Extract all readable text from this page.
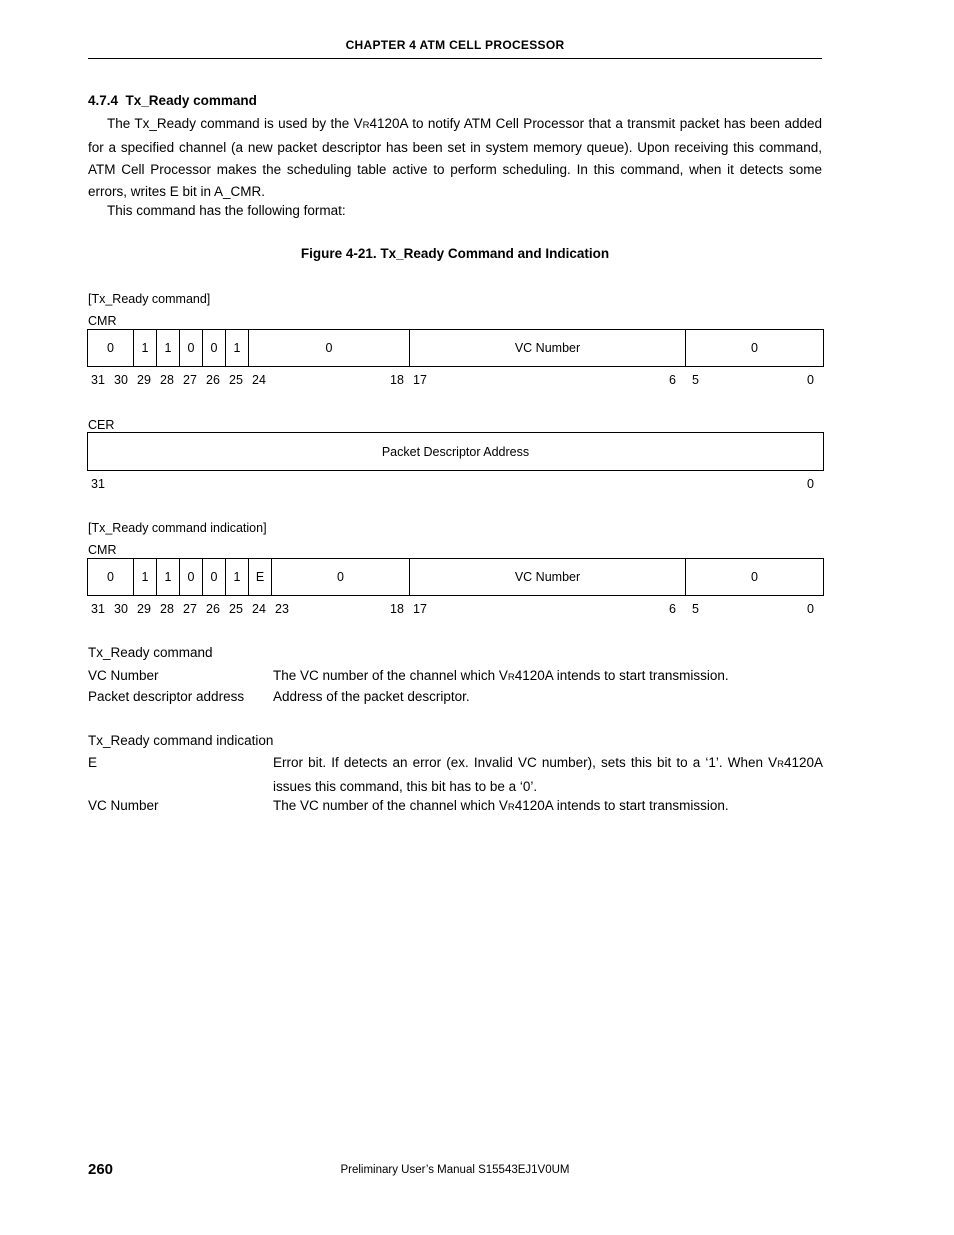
CHAPTER 4 ATM CELL PROCESSOR
4.7.4 Tx_Ready command
The Tx_Ready command is used by the VR4120A to notify ATM Cell Processor that a transmit packet has been added for a specified channel (a new packet descriptor has been set in system memory queue). Upon receiving this command, ATM Cell Processor makes the scheduling table active to perform scheduling. In this command, when it detects some errors, writes E bit in A_CMR.
This command has the following format:
Figure 4-21. Tx_Ready Command and Indication
[Tx_Ready command]
CMR
0	1	1	0	0	1	0	VC Number	0
31 30 29 28 27 26 25 24	18 17	6 5	0
CER
Packet Descriptor Address
31	0
[Tx_Ready command indication]
CMR
0	1	1	0	0	1	E	0	VC Number	0
31 30 29 28 27 26 25 24 23	18 17	6 5	0
Tx_Ready command
VC Number	The VC number of the channel which VR4120A intends to start transmission.
Packet descriptor address Address of the packet descriptor.
Tx_Ready command indication
E	Error bit. If detects an error (ex. Invalid VC number), sets this bit to a ‘1’. When VR4120A issues this command, this bit has to be a ‘0’.
VC Number	The VC number of the channel which VR4120A intends to start transmission.
260	Preliminary User’s Manual S15543EJ1V0UM
